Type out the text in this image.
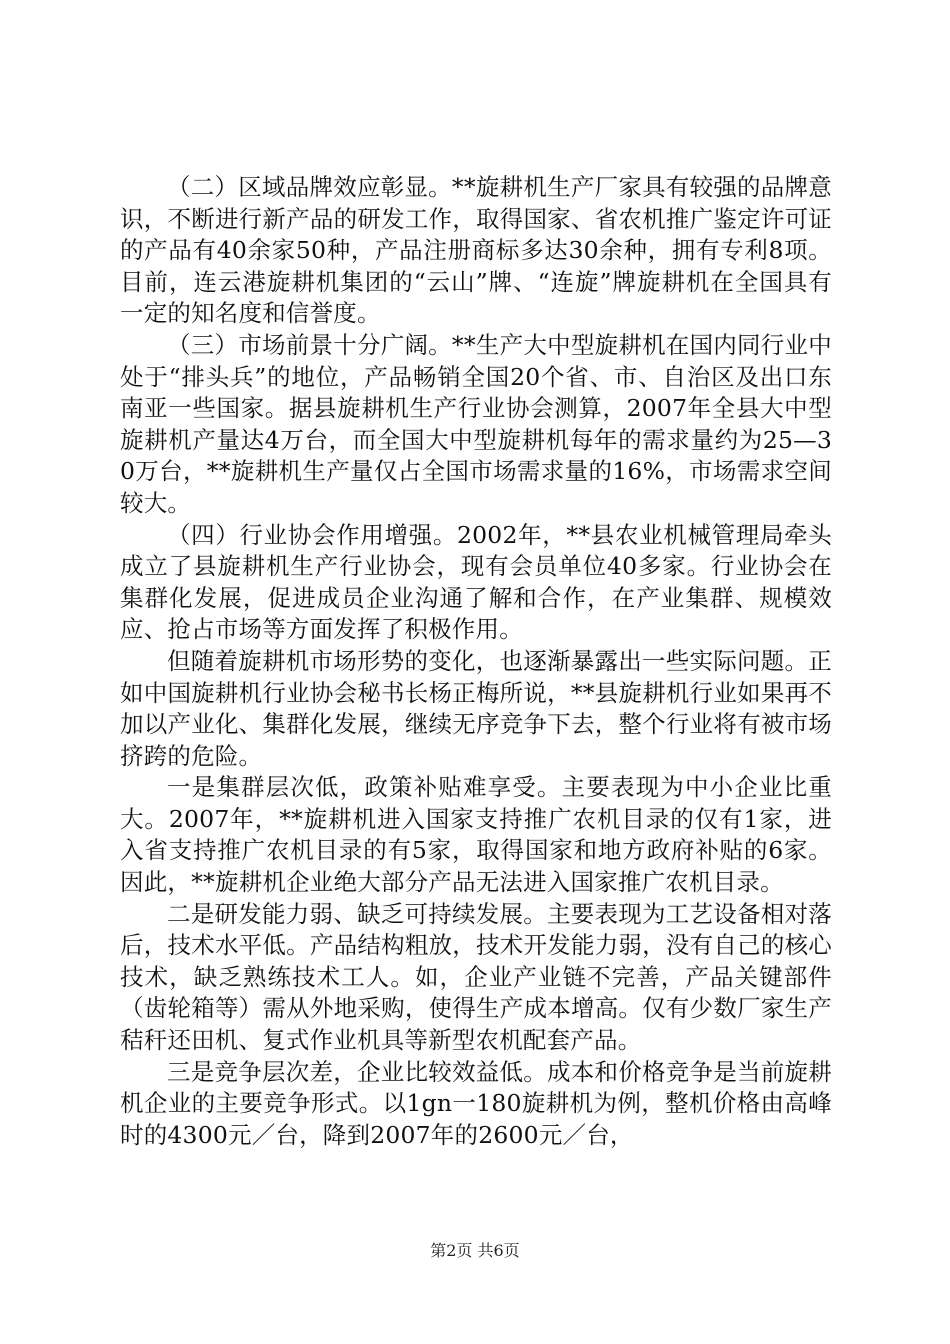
（二）区域品牌效应彰显。**旋耕机生产厂家具有较强的品牌意识，不断进行新产品的研发工作，取得国家、省农机推广鉴定许可证的产品有40余家50种，产品注册商标多达30余种，拥有专利8项。目前，连云港旋耕机集团的“云山”牌、“连旋”牌旋耕机在全国具有一定的知名度和信誉度。

（三）市场前景十分广阔。**生产大中型旋耕机在国内同行业中处于“排头兵”的地位，产品畅销全国20个省、市、自治区及出口东南亚一些国家。据县旋耕机生产行业协会测算，2007年全县大中型旋耕机产量达4万台，而全国大中型旋耕机每年的需求量约为25—30万台，**旋耕机生产量仅占全国市场需求量的16%，市场需求空间较大。

（四）行业协会作用增强。2002年，**县农业机械管理局牵头成立了县旋耕机生产行业协会，现有会员单位40多家。行业协会在集群化发展，促进成员企业沟通了解和合作，在产业集群、规模效应、抢占市场等方面发挥了积极作用。

但随着旋耕机市场形势的变化，也逐渐暴露出一些实际问题。正如中国旋耕机行业协会秘书长杨正梅所说，**县旋耕机行业如果再不加以产业化、集群化发展，继续无序竞争下去，整个行业将有被市场挤跨的危险。

一是集群层次低，政策补贴难享受。主要表现为中小企业比重大。2007年，**旋耕机进入国家支持推广农机目录的仅有1家，进入省支持推广农机目录的有5家，取得国家和地方政府补贴的6家。因此，**旋耕机企业绝大部分产品无法进入国家推广农机目录。

二是研发能力弱、缺乏可持续发展。主要表现为工艺设备相对落后，技术水平低。产品结构粗放，技术开发能力弱，没有自己的核心技术，缺乏熟练技术工人。如，企业产业链不完善，产品关键部件（齿轮箱等）需从外地采购，使得生产成本增高。仅有少数厂家生产秸秆还田机、复式作业机具等新型农机配套产品。

三是竞争层次差，企业比较效益低。成本和价格竞争是当前旋耕机企业的主要竞争形式。以1gn一180旋耕机为例，整机价格由高峰时的4300元／台，降到2007年的2600元／台，

第2页 共6页
